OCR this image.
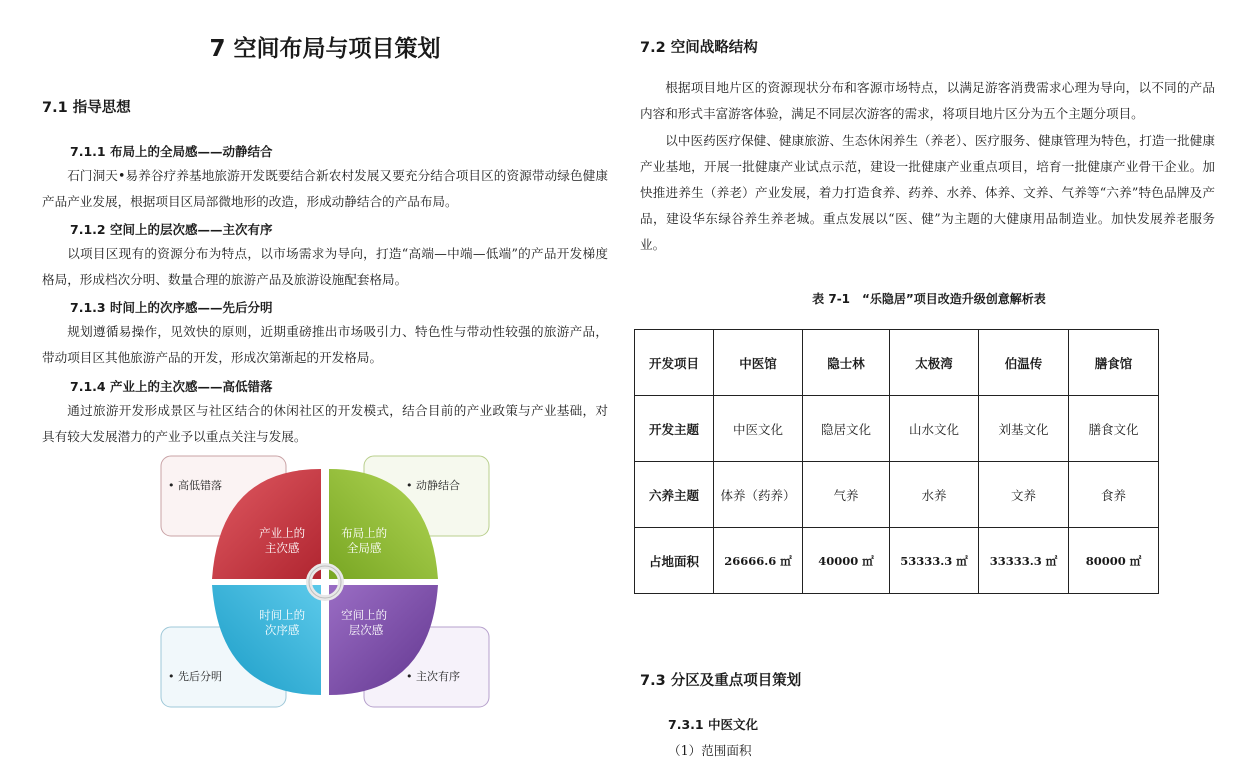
7 空间布局与项目策划
7.1 指导思想
7.1.1 布局上的全局感——动静结合

石门洞天•易养谷疗养基地旅游开发既要结合新农村发展又要充分结合项目区的资源带动绿色健康产品产业发展，根据项目区局部微地形的改造，形成动静结合的产品布局。

7.1.2 空间上的层次感——主次有序

以项目区现有的资源分布为特点，以市场需求为导向，打造“高端—中端—低端”的产品开发梯度格局，形成档次分明、数量合理的旅游产品及旅游设施配套格局。

7.1.3 时间上的次序感——先后分明

规划遵循易操作，见效快的原则，近期重磅推出市场吸引力、特色性与带动性较强的旅游产品，带动项目区其他旅游产品的开发，形成次第渐起的开发格局。

7.1.4 产业上的主次感——高低错落

通过旅游开发形成景区与社区结合的休闲社区的开发模式，结合目前的产业政策与产业基础，对具有较大发展潜力的产业予以重点关注与发展。

产业上的 主次感 布局上的 全局感 时间上的 次序感 空间上的 层次感
• 高低错落	• 动静结合 • 先后分明	• 主次有序
7.2 空间战略结构

根据项目地片区的资源现状分布和客源市场特点，以满足游客消费需求心理为导向，以不同的产品内容和形式丰富游客体验，满足不同层次游客的需求，将项目地片区分为五个主题分项目。

以中医药医疗保健、健康旅游、生态休闲养生（养老）、医疗服务、健康管理为特色，打造一批健康产业基地，开展一批健康产业试点示范，建设一批健康产业重点项目，培育一批健康产业骨干企业。加快推进养生（养老）产业发展，着力打造食养、药养、水养、体养、文养、气养等“六养”特色品牌及产品，建设华东绿谷养生养老城。重点发展以“医、健”为主题的大健康用品制造业。加快发展养老服务业。

表 7-1　“乐隐居”项目改造升级创意解析表
开发项目	中医馆	隐士林	太极湾	伯温传	膳食馆
开发主题	中医文化	隐居文化	山水文化	刘基文化	膳食文化
六养主题	体养（药养）	气养	水养	文养	食养
占地面积	26666.6 ㎡	40000 ㎡	53333.3 ㎡	33333.3 ㎡	80000 ㎡
7.3 分区及重点项目策划
7.3.1 中医文化
（1）范围面积
